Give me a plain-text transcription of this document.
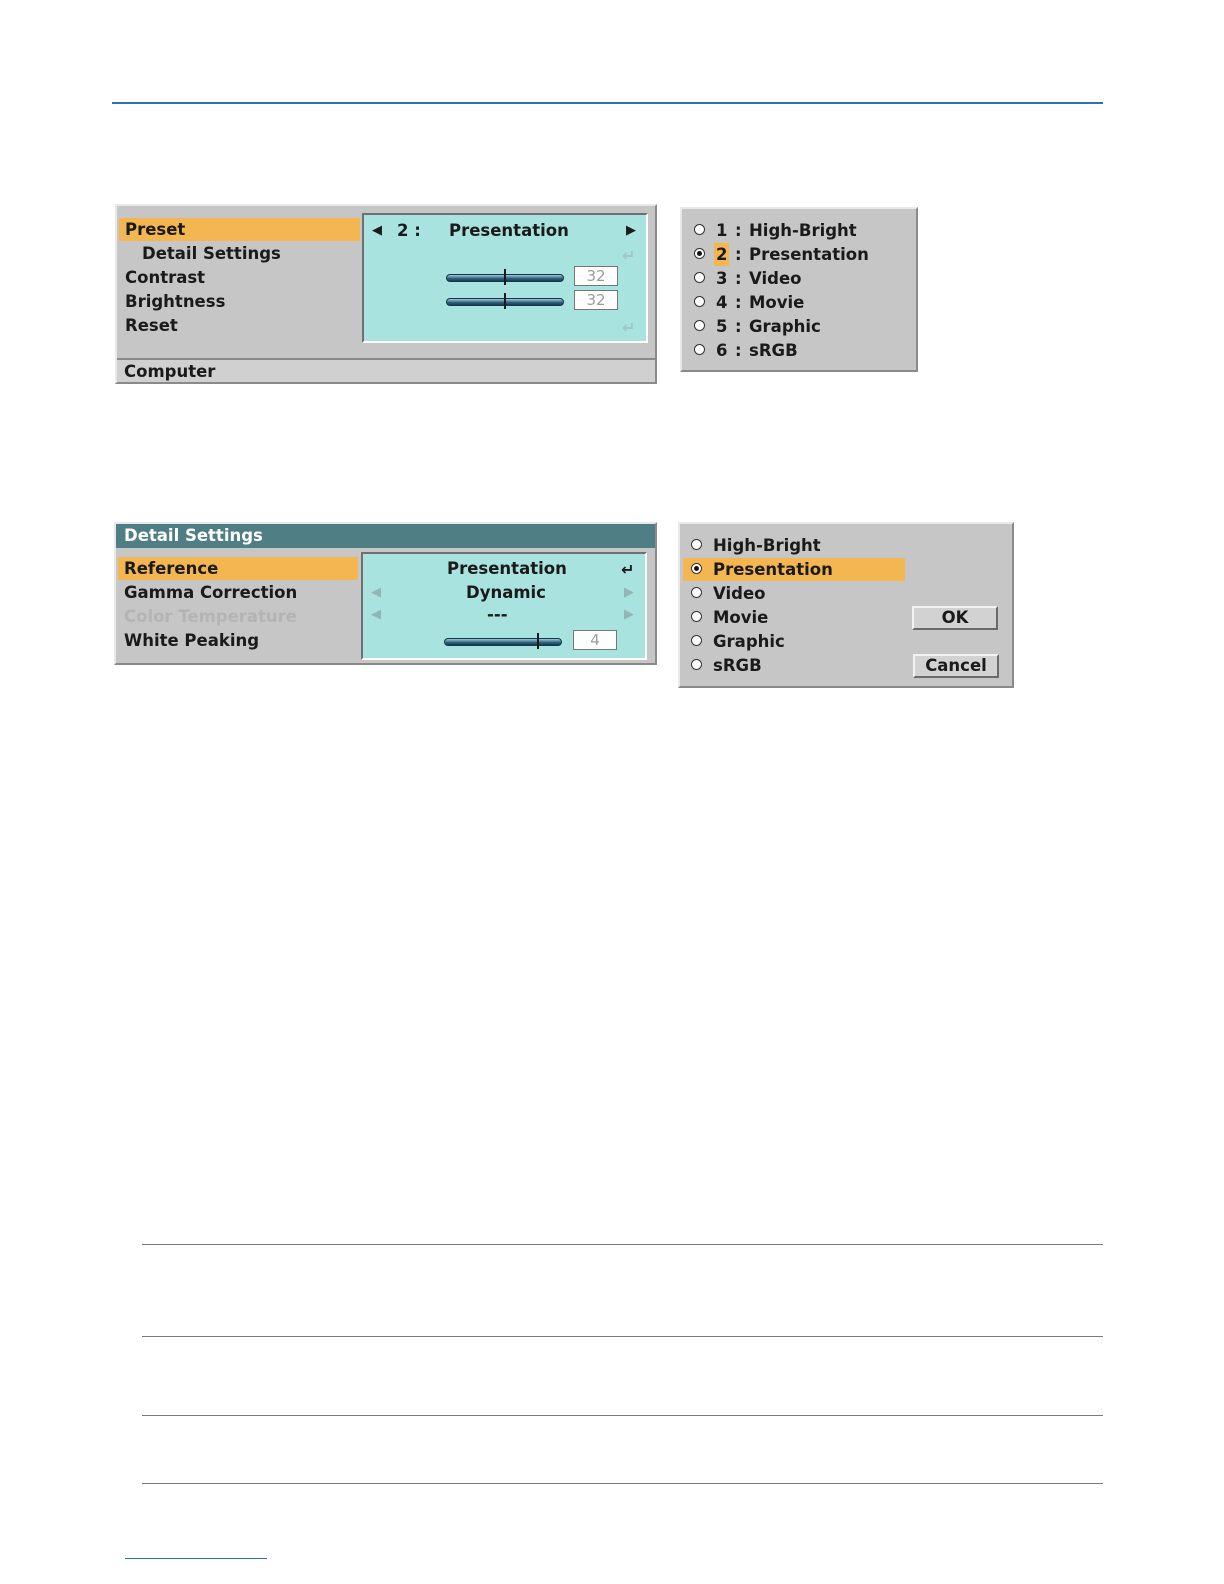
Preset
Detail Settings
Contrast
Brightness
Reset
◀ 2 : Presentation	▶
↵
32
32
↵
Computer
1 : High-Bright
2 : Presentation
3 : Video
4 : Movie
5 : Graphic
6 : sRGB
Detail Settings
Reference
Gamma Correction
Color Temperature
White Peaking
Presentation	↵
◀	Dynamic	▶
◀	---	▶
4
High-Bright
Presentation
Video
Movie
Graphic
sRGB
OK
Cancel
